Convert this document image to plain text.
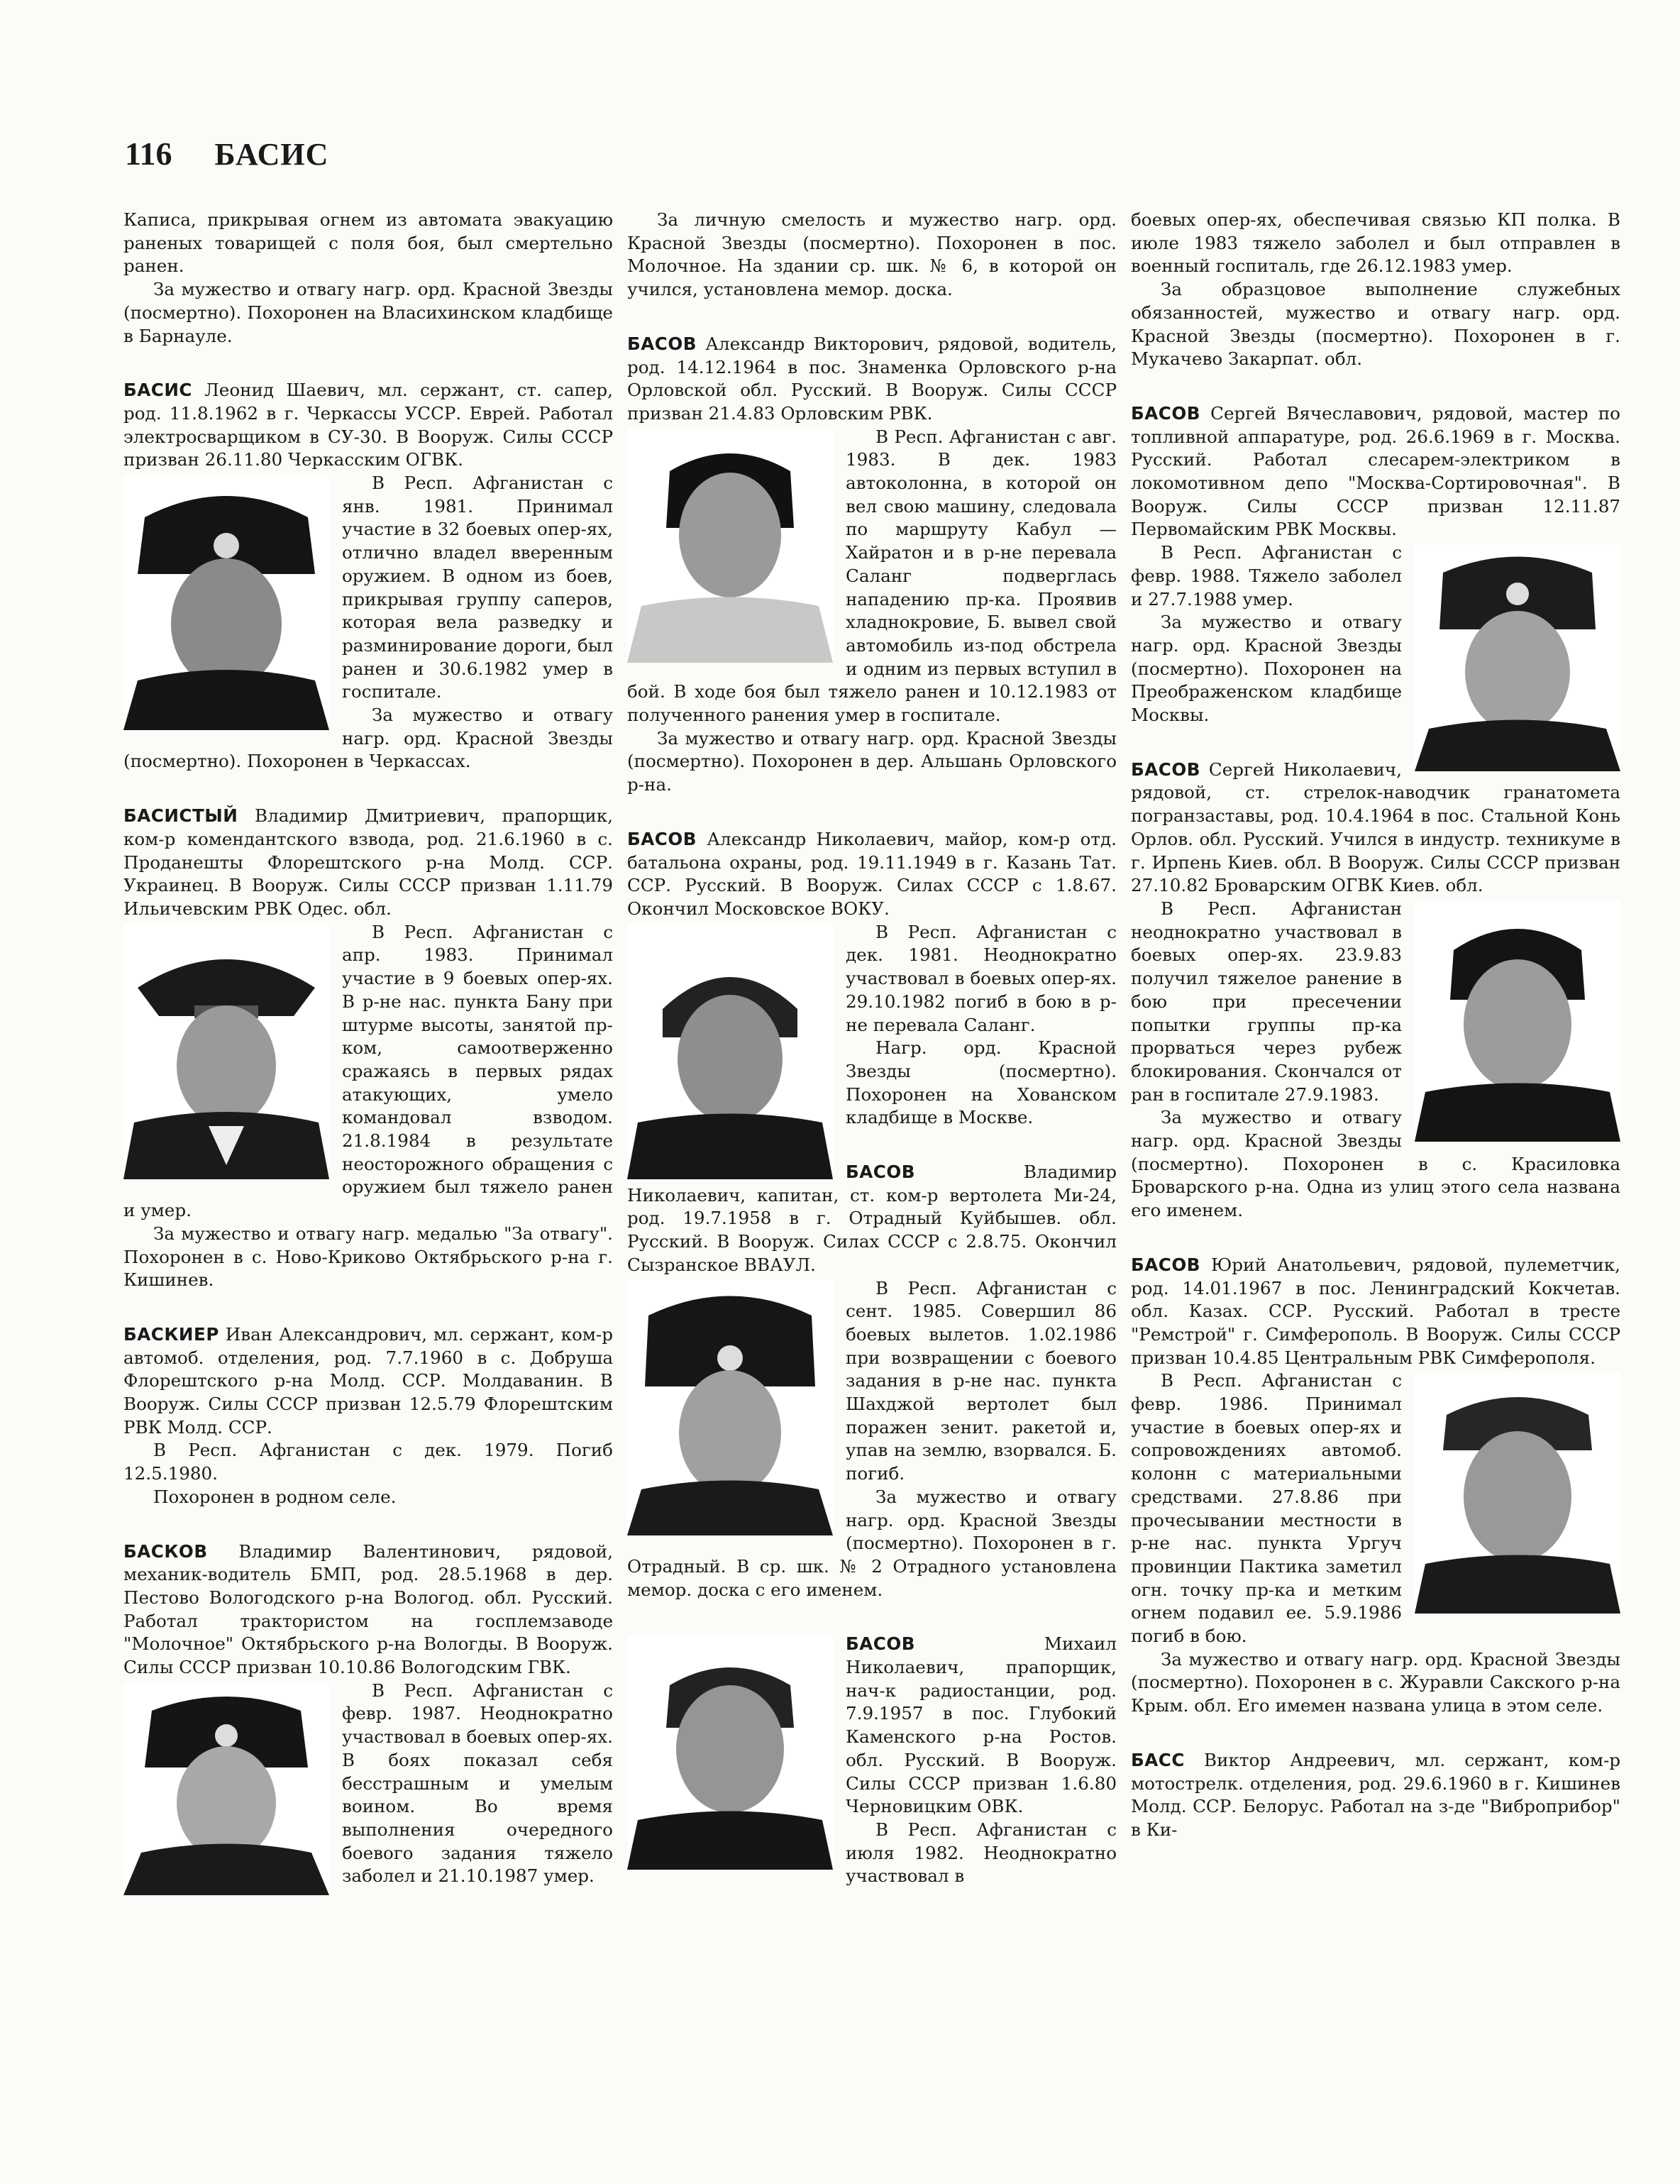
116 БАСИС

Каписа, прикрывая огнем из автомата эвакуацию раненых товарищей с поля боя, был смертельно ранен.

За мужество и отвагу нагр. орд. Красной Звезды (посмертно). Похоронен на Власихинском кладбище в Барнауле.

БАСИС Леонид Шаевич, мл. сержант, ст. сапер, род. 11.8.1962 в г. Черкассы УССР. Еврей. Работал электросварщиком в СУ-30. В Вооруж. Силы СССР призван 26.11.80 Черкасским ОГВК.

В Респ. Афганистан с янв. 1981. Принимал участие в 32 боевых опер-ях, отлично владел вверенным оружием. В одном из боев, прикрывая группу саперов, которая вела разведку и разминирование дороги, был ранен и 30.6.1982 умер в госпитале.

За мужество и отвагу нагр. орд. Красной Звезды (посмертно). Похоронен в Черкассах.

БАСИСТЫЙ Владимир Дмитриевич, прапорщик, ком-р комендантского взвода, род. 21.6.1960 в с. Проданешты Флорештского р-на Молд. ССР. Украинец. В Вооруж. Силы СССР призван 1.11.79 Ильичевским РВК Одес. обл.

В Респ. Афганистан с апр. 1983. Принимал участие в 9 боевых опер-ях. В р-не нас. пункта Бану при штурме высоты, занятой пр-ком, самоотверженно сражаясь в первых рядах атакующих, умело командовал взводом. 21.8.1984 в результате неосторожного обращения с оружием был тяжело ранен и умер.

За мужество и отвагу нагр. медалью "За отвагу". Похоронен в с. Ново-Криково Октябрьского р-на г. Кишинев.

БАСКИЕР Иван Александрович, мл. сержант, ком-р автомоб. отделения, род. 7.7.1960 в с. Добруша Флорештского р-на Молд. ССР. Молдаванин. В Вооруж. Силы СССР призван 12.5.79 Флорештским РВК Молд. ССР.

В Респ. Афганистан с дек. 1979. Погиб 12.5.1980.

Похоронен в родном селе.

БАСКОВ Владимир Валентинович, рядовой, механик-водитель БМП, род. 28.5.1968 в дер. Пестово Вологодского р-на Вологод. обл. Русский. Работал трактористом на госплемзаводе "Молочное" Октябрьского р-на Вологды. В Вооруж. Силы СССР призван 10.10.86 Вологодским ГВК.

В Респ. Афганистан с февр. 1987. Неоднократно участвовал в боевых опер-ях. В боях показал себя бесстрашным и умелым воином. Во время выполнения очередного боевого задания тяжело заболел и 21.10.1987 умер.

За личную смелость и мужество нагр. орд. Красной Звезды (посмертно). Похоронен в пос. Молочное. На здании ср. шк. № 6, в которой он учился, установлена мемор. доска.

БАСОВ Александр Викторович, рядовой, водитель, род. 14.12.1964 в пос. Знаменка Орловского р-на Орловской обл. Русский. В Вооруж. Силы СССР призван 21.4.83 Орловским РВК.

В Респ. Афганистан с авг. 1983. В дек. 1983 автоколонна, в которой он вел свою машину, следовала по маршруту Кабул — Хайратон и в р-не перевала Саланг подверглась нападению пр-ка. Проявив хладнокровие, Б. вывел свой автомобиль из-под обстрела и одним из первых вступил в бой. В ходе боя был тяжело ранен и 10.12.1983 от полученного ранения умер в госпитале.

За мужество и отвагу нагр. орд. Красной Звезды (посмертно). Похоронен в дер. Альшань Орловского р-на.

БАСОВ Александр Николаевич, майор, ком-р отд. батальона охраны, род. 19.11.1949 в г. Казань Тат. ССР. Русский. В Вооруж. Силах СССР с 1.8.67. Окончил Московское ВОКУ.

В Респ. Афганистан с дек. 1981. Неоднократно участвовал в боевых опер-ях. 29.10.1982 погиб в бою в р-не перевала Саланг.

Нагр. орд. Красной Звезды (посмертно). Похоронен на Хованском кладбище в Москве.

БАСОВ Владимир Николаевич, капитан, ст. ком-р вертолета Ми-24, род. 19.7.1958 в г. Отрадный Куйбышев. обл. Русский. В Вооруж. Силах СССР с 2.8.75. Окончил Сызранское ВВАУЛ.

В Респ. Афганистан с сент. 1985. Совершил 86 боевых вылетов. 1.02.1986 при возвращении с боевого задания в р-не нас. пункта Шахджой вертолет был поражен зенит. ракетой и, упав на землю, взорвался. Б. погиб.

За мужество и отвагу нагр. орд. Красной Звезды (посмертно). Похоронен в г. Отрадный. В ср. шк. № 2 Отрадного установлена мемор. доска с его именем.

БАСОВ Михаил Николаевич, прапорщик, нач-к радиостанции, род. 7.9.1957 в пос. Глубокий Каменского р-на Ростов. обл. Русский. В Вооруж. Силы СССР призван 1.6.80 Черновицким ОВК.

В Респ. Афганистан с июля 1982. Неоднократно участвовал в

боевых опер-ях, обеспечивая связью КП полка. В июле 1983 тяжело заболел и был отправлен в военный госпиталь, где 26.12.1983 умер.

За образцовое выполнение служебных обязанностей, мужество и отвагу нагр. орд. Красной Звезды (посмертно). Похоронен в г. Мукачево Закарпат. обл.

БАСОВ Сергей Вячеславович, рядовой, мастер по топливной аппаратуре, род. 26.6.1969 в г. Москва. Русский. Работал слесарем-электриком в локомотивном депо "Москва-Сортировочная". В Вооруж. Силы СССР призван 12.11.87 Первомайским РВК Москвы.

В Респ. Афганистан с февр. 1988. Тяжело заболел и 27.7.1988 умер.

За мужество и отвагу нагр. орд. Красной Звезды (посмертно). Похоронен на Преображенском кладбище Москвы.

БАСОВ Сергей Николаевич, рядовой, ст. стрелок-наводчик гранатомета погранзаставы, род. 10.4.1964 в пос. Стальной Конь Орлов. обл. Русский. Учился в индустр. техникуме в г. Ирпень Киев. обл. В Вооруж. Силы СССР призван 27.10.82 Броварским ОГВК Киев. обл.

В Респ. Афганистан неоднократно участвовал в боевых опер-ях. 23.9.83 получил тяжелое ранение в бою при пресечении попытки группы пр-ка прорваться через рубеж блокирования. Скончался от ран в госпитале 27.9.1983.

За мужество и отвагу нагр. орд. Красной Звезды (посмертно). Похоронен в с. Красиловка Броварского р-на. Одна из улиц этого села названа его именем.

БАСОВ Юрий Анатольевич, рядовой, пулеметчик, род. 14.01.1967 в пос. Ленинградский Кокчетав. обл. Казах. ССР. Русский. Работал в тресте "Ремстрой" г. Симферополь. В Вооруж. Силы СССР призван 10.4.85 Центральным РВК Симферополя.

В Респ. Афганистан с февр. 1986. Принимал участие в боевых опер-ях и сопровождениях автомоб. колонн с материальными средствами. 27.8.86 при прочесывании местности в р-не нас. пункта Ургуч провинции Пактика заметил огн. точку пр-ка и метким огнем подавил ее. 5.9.1986 погиб в бою.

За мужество и отвагу нагр. орд. Красной Звезды (посмертно). Похоронен в с. Журавли Сакского р-на Крым. обл. Его имемен названа улица в этом селе.

БАСС Виктор Андреевич, мл. сержант, ком-р мотострелк. отделения, род. 29.6.1960 в г. Кишинев Молд. ССР. Белорус. Работал на з-де "Виброприбор" в Ки-
